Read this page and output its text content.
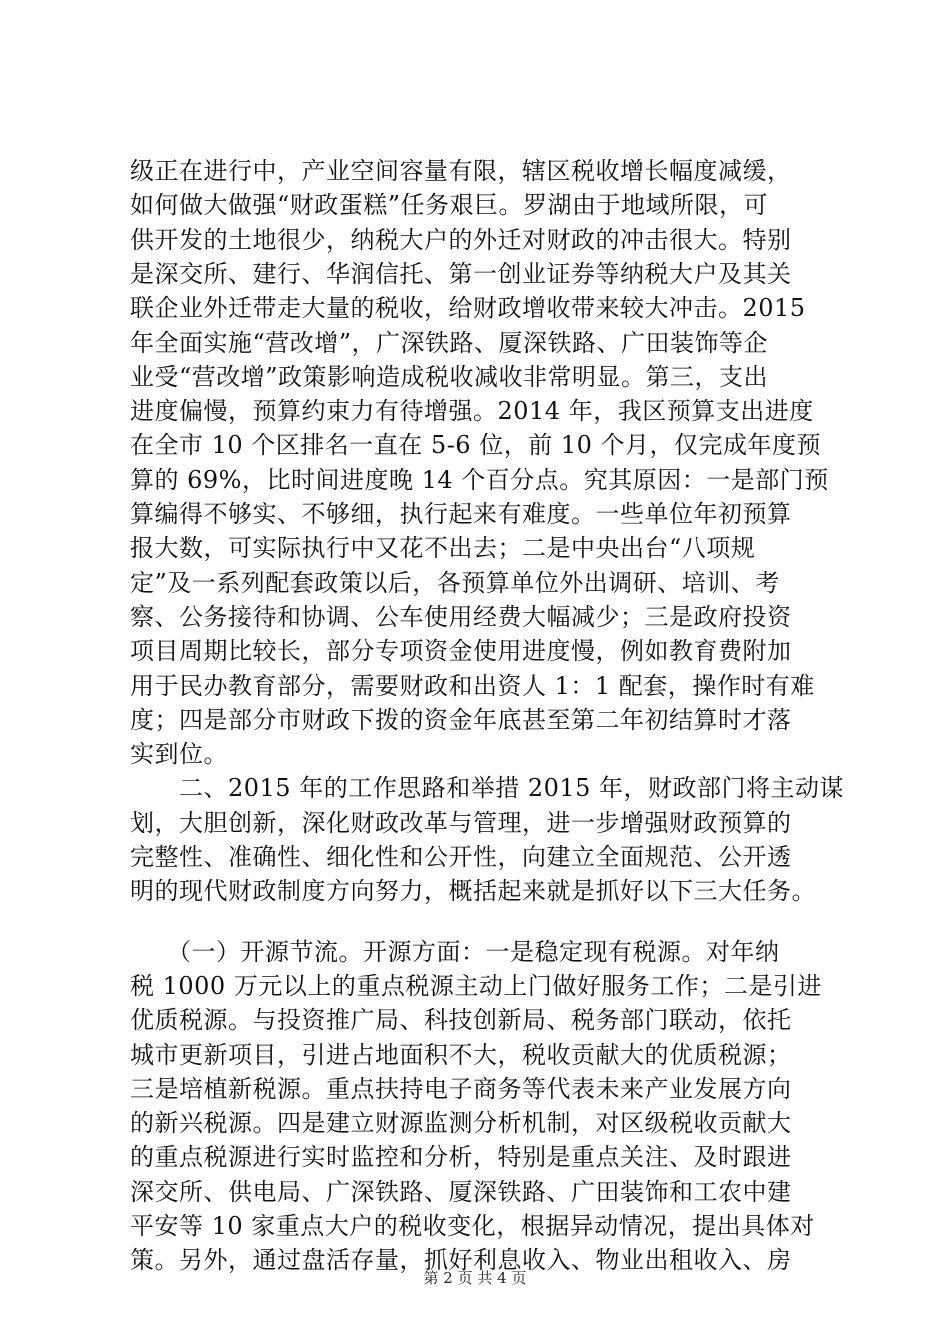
级正在进行中，产业空间容量有限，辖区税收增长幅度减缓，
如何做大做强“财政蛋糕”任务艰巨。罗湖由于地域所限，可
供开发的土地很少，纳税大户的外迁对财政的冲击很大。特别
是深交所、建行、华润信托、第一创业证券等纳税大户及其关
联企业外迁带走大量的税收，给财政增收带来较大冲击。2015
年全面实施“营改增”，广深铁路、厦深铁路、广田装饰等企
业受“营改增”政策影响造成税收减收非常明显。第三，支出
进度偏慢，预算约束力有待增强。2014 年，我区预算支出进度
在全市 10 个区排名一直在 5-6 位，前 10 个月，仅完成年度预
算的 69%，比时间进度晚 14 个百分点。究其原因：一是部门预
算编得不够实、不够细，执行起来有难度。一些单位年初预算
报大数，可实际执行中又花不出去；二是中央出台“八项规
定”及一系列配套政策以后，各预算单位外出调研、培训、考
察、公务接待和协调、公车使用经费大幅减少；三是政府投资
项目周期比较长，部分专项资金使用进度慢，例如教育费附加
用于民办教育部分，需要财政和出资人 1：1 配套，操作时有难
度；四是部分市财政下拨的资金年底甚至第二年初结算时才落
实到位。
　　二、2015 年的工作思路和举措 2015 年，财政部门将主动谋
划，大胆创新，深化财政改革与管理，进一步增强财政预算的
完整性、准确性、细化性和公开性，向建立全面规范、公开透
明的现代财政制度方向努力，概括起来就是抓好以下三大任务。
　　（一）开源节流。开源方面：一是稳定现有税源。对年纳
税 1000 万元以上的重点税源主动上门做好服务工作；二是引进
优质税源。与投资推广局、科技创新局、税务部门联动，依托
城市更新项目，引进占地面积不大，税收贡献大的优质税源；
三是培植新税源。重点扶持电子商务等代表未来产业发展方向
的新兴税源。四是建立财源监测分析机制，对区级税收贡献大
的重点税源进行实时监控和分析，特别是重点关注、及时跟进
深交所、供电局、广深铁路、厦深铁路、广田装饰和工农中建
平安等 10 家重点大户的税收变化，根据异动情况，提出具体对
策。另外，通过盘活存量，抓好利息收入、物业出租收入、房
第 2 页 共 4 页
